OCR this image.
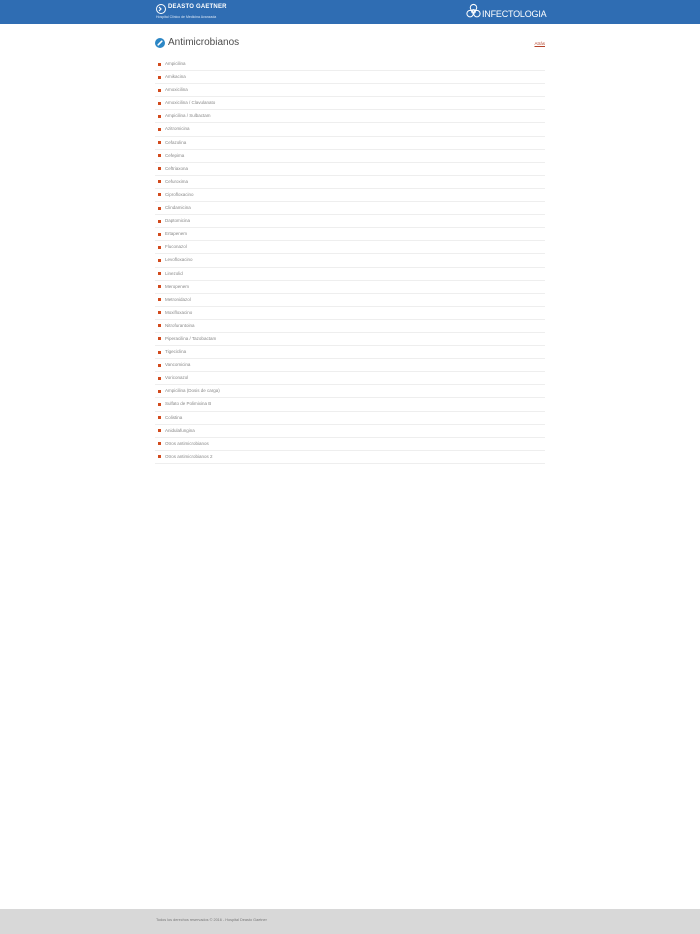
DEASTO GAETNER
Hospital Clinico de Medicina Avanzada	INFECTOLOGIA
Antimicrobianos	Atrás
Ampicilina
Amikacina
Amoxicilina
Amoxicilina / Clavulanato
Ampicilina / Sulbactam
Azitromicina
Cefazolina
Cefepima
Ceftriaxona
Cefuroxima
Ciprofloxacino
Clindamicina
Daptomicina
Ertapenem
Fluconazol
Levofloxacino
Linezolid
Meropenem
Metronidazol
Moxifloxacino
Nitrofurantoina
Piperacilina / Tazobactam
Tigeciclina
Vancomicina
Voriconazol
Ampicilina (Dosis de carga)
Sulfato de Polimixina B
Colistina
Anidulafungina
Otros antimicrobianos
Otros antimicrobianos 2
Todos los derechos reservados © 2016 - Hospital Deasto Gaetner
